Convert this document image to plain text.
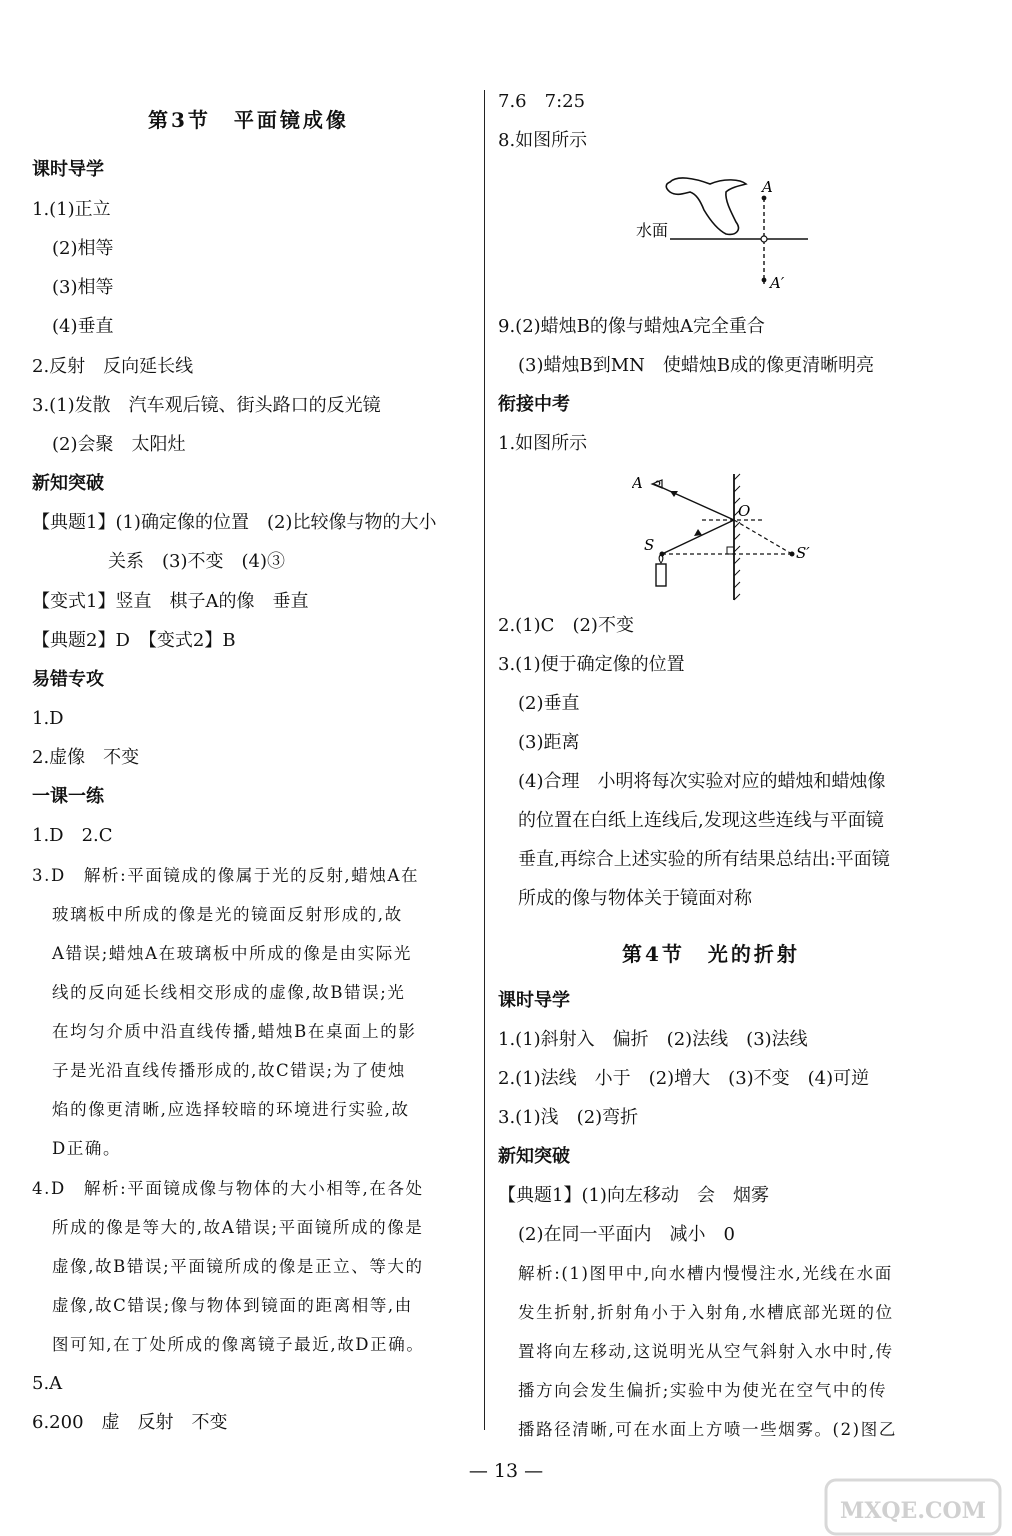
第3节　平面镜成像
课时导学
1.(1)正立
(2)相等
(3)相等
(4)垂直
2.反射　反向延长线
3.(1)发散　汽车观后镜、街头路口的反光镜
(2)会聚　太阳灶
新知突破
【典题1】(1)确定像的位置　(2)比较像与物的大小
关系　(3)不变　(4)③
【变式1】竖直　棋子A的像　垂直
【典题2】D　【变式2】B
易错专攻
1.D
2.虚像　不变
一课一练
1.D　2.C
3.D　解析:平面镜成的像属于光的反射,蜡烛A在
玻璃板中所成的像是光的镜面反射形成的,故
A错误;蜡烛A在玻璃板中所成的像是由实际光
线的反向延长线相交形成的虚像,故B错误;光
在均匀介质中沿直线传播,蜡烛B在桌面上的影
子是光沿直线传播形成的,故C错误;为了使烛
焰的像更清晰,应选择较暗的环境进行实验,故
D正确。
4.D　解析:平面镜成像与物体的大小相等,在各处
所成的像是等大的,故A错误;平面镜所成的像是
虚像,故B错误;平面镜所成的像是正立、等大的
虚像,故C错误;像与物体到镜面的距离相等,由
图可知,在丁处所成的像离镜子最近,故D正确。
5.A
6.200　虚　反射　不变
7.6　7:25
8.如图所示
水面
A
A′
9.(2)蜡烛B的像与蜡烛A完全重合
(3)蜡烛B到MN　使蜡烛B成的像更清晰明亮
衔接中考
1.如图所示
A
O
S	S′
2.(1)C　(2)不变
3.(1)便于确定像的位置
(2)垂直
(3)距离
(4)合理　小明将每次实验对应的蜡烛和蜡烛像
的位置在白纸上连线后,发现这些连线与平面镜
垂直,再综合上述实验的所有结果总结出:平面镜
所成的像与物体关于镜面对称
第4节　光的折射
课时导学
1.(1)斜射入　偏折　(2)法线　(3)法线
2.(1)法线　小于　(2)增大　(3)不变　(4)可逆
3.(1)浅　(2)弯折
新知突破
【典题1】(1)向左移动　会　烟雾
(2)在同一平面内　减小　0
解析:(1)图甲中,向水槽内慢慢注水,光线在水面
发生折射,折射角小于入射角,水槽底部光斑的位
置将向左移动,这说明光从空气斜射入水中时,传
播方向会发生偏折;实验中为使光在空气中的传
播路径清晰,可在水面上方喷一些烟雾。(2)图乙
— 13 —
MXQE.COM
